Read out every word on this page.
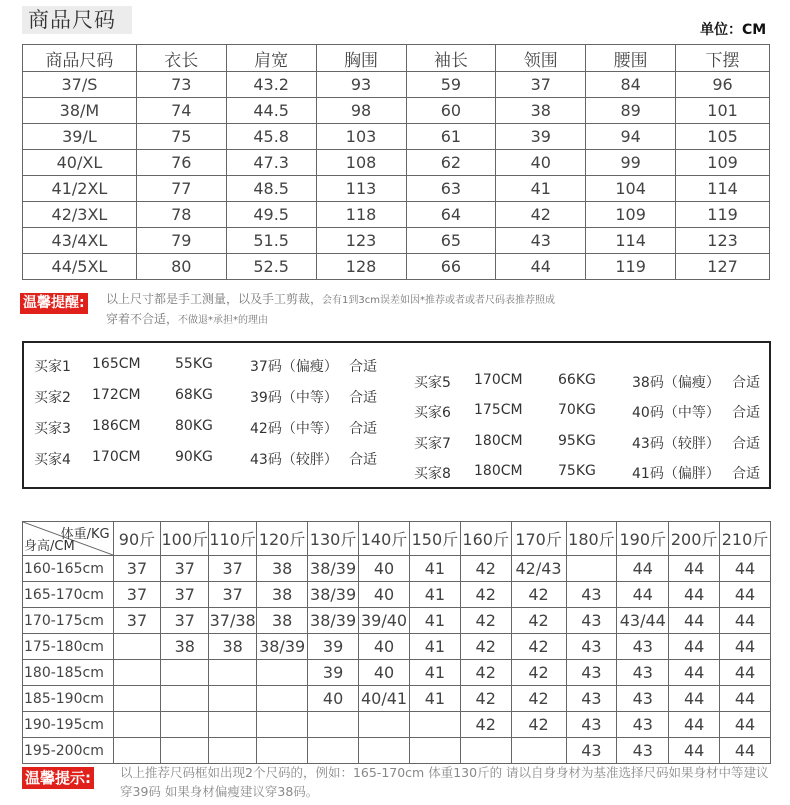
商品尺码	单位：CM
商品尺码	衣长	肩宽	胸围	袖长	领围	腰围	下摆
37/S	73	43.2	93	59	37	84	96
38/M	74	44.5	98	60	38	89	101
39/L	75	45.8	103	61	39	94	105
40/XL	76	47.3	108	62	40	99	109
41/2XL	77	48.5	113	63	41	104	114
42/3XL	78	49.5	118	64	42	109	119
43/4XL	79	51.5	123	65	43	114	123
44/5XL	80	52.5	128	66	44	119	127
温馨提醒: 以上尺寸都是手工测量，以及手工剪裁，会有1到3cm误差如因*推荐或者或者尺码表推荐照成
穿着不合适，不做退*承担*的理由
买家1 165CM 55KG	37码（偏瘦） 合适
买家2 172CM 68KG	39码（中等） 合适
买家3 186CM 80KG	42码（中等） 合适
买家4 170CM 90KG	43码（较胖） 合适
买家5 170CM	66KG	38码（偏瘦） 合适
买家6 175CM	70KG	40码（中等） 合适
买家7 180CM	95KG	43码（较胖） 合适
买家8 180CM	75KG	41码（偏胖） 合适
体重/KG
身高/CM	90斤	100斤	110斤	120斤	130斤	140斤	150斤	160斤	170斤	180斤	190斤	200斤	210斤
160-165cm	37	37	37	38	38/39	40	41	42	42/43		44	44	44
165-170cm	37	37	37	38	38/39	40	41	42	42	43	44	44	44
170-175cm	37	37	37/38	38	38/39	39/40	41	42	42	43	43/44	44	44
175-180cm		38	38	38/39	39	40	41	42	42	43	43	44	44
180-185cm					39	40	41	42	42	43	43	44	44
185-190cm					40	40/41	41	42	42	43	43	44	44
190-195cm								42	42	43	43	44	44
195-200cm										43	43	44	44
温馨提示: 以上推荐尺码框如出现2个尺码的，例如：165-170cm 体重130斤的 请以自身身材为基准选择尺码如果身材中等建议穿39码 如果身材偏瘦建议穿38码。
